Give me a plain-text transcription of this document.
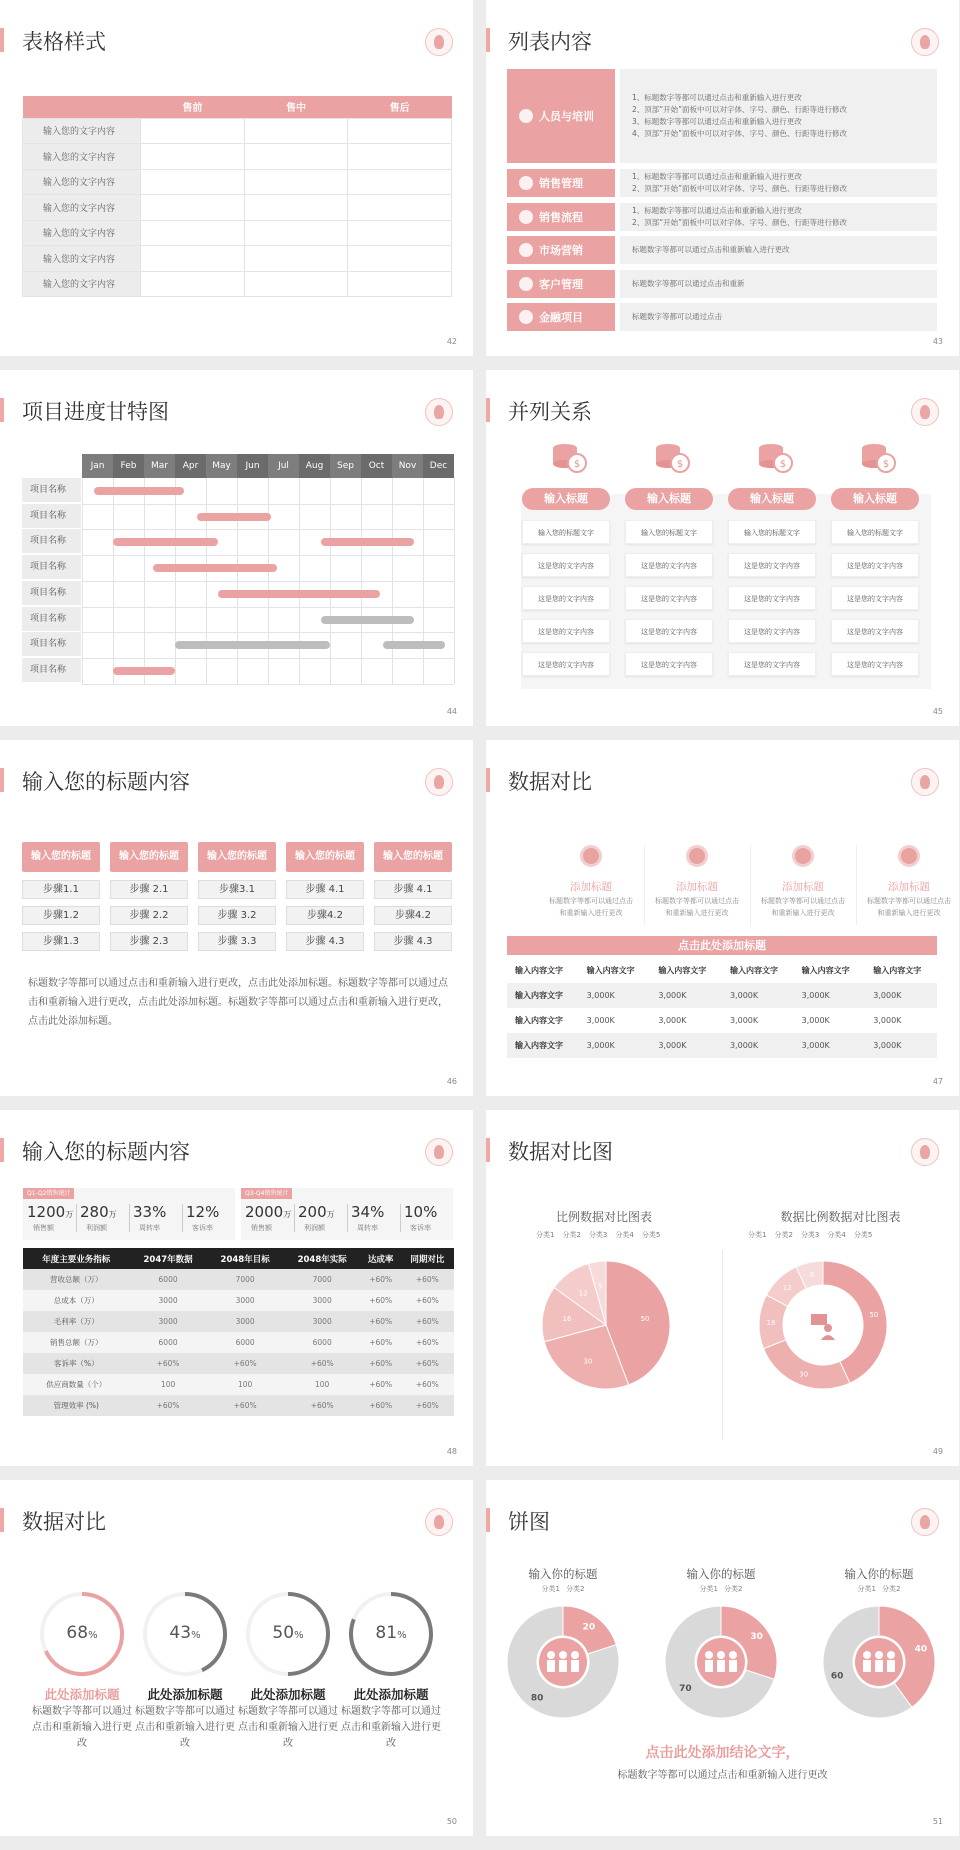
表格样式
	售前	售中	售后
输入您的文字内容			
输入您的文字内容			
输入您的文字内容			
输入您的文字内容			
输入您的文字内容			
输入您的文字内容			
输入您的文字内容			
42
列表内容
人员与培训
1、标题数字等都可以通过点击和重新输入进行更改
2、顶部“开始”面板中可以对字体、字号、颜色、行距等进行修改
3、标题数字等都可以通过点击和重新输入进行更改
4、顶部“开始”面板中可以对字体、字号、颜色、行距等进行修改
销售管理
1、标题数字等都可以通过点击和重新输入进行更改
2、顶部“开始”面板中可以对字体、字号、颜色、行距等进行修改
销售流程
1、标题数字等都可以通过点击和重新输入进行更改
2、顶部“开始”面板中可以对字体、字号、颜色、行距等进行修改
市场营销	标题数字等都可以通过点击和重新输入进行更改
客户管理	标题数字等都可以通过点击和重新
金融项目	标题数字等都可以通过点击
43
项目进度甘特图
Jan	Feb	Mar	Apr	May	Jun	Jul	Aug	Sep	Oct	Nov	Dec
项目名称
项目名称
项目名称
项目名称
项目名称
项目名称
项目名称
项目名称
44
并列关系
45
$
输入标题
输入您的标题文字
这是您的文字内容
这是您的文字内容
这是您的文字内容
这是您的文字内容
$
输入标题
输入您的标题文字
这是您的文字内容
这是您的文字内容
这是您的文字内容
这是您的文字内容
$
输入标题
输入您的标题文字
这是您的文字内容
这是您的文字内容
这是您的文字内容
这是您的文字内容
$
输入标题
输入您的标题文字
这是您的文字内容
这是您的文字内容
这是您的文字内容
这是您的文字内容
输入您的标题内容
标题数字等都可以通过点击和重新输入进行更改，点击此处添加标题。标题数字等都可以通过点击和重新输入进行更改，点击此处添加标题。标题数字等都可以通过点击和重新输入进行更改，点击此处添加标题。
46
输入您的标题
步骤1.1
步骤1.2
步骤1.3
输入您的标题
步骤 2.1
步骤 2.2
步骤 2.3
输入您的标题
步骤3.1
步骤 3.2
步骤 3.3
输入您的标题
步骤 4.1
步骤4.2
步骤 4.3
输入您的标题
步骤 4.1
步骤4.2
步骤 4.3
数据对比
点击此处添加标题
输入内容文字	输入内容文字	输入内容文字	输入内容文字	输入内容文字	输入内容文字
输入内容文字	3,000K	3,000K	3,000K	3,000K	3,000K
输入内容文字	3,000K	3,000K	3,000K	3,000K	3,000K
输入内容文字	3,000K	3,000K	3,000K	3,000K	3,000K
47
添加标题
标题数字等都可以通过点击和重新输入进行更改
添加标题
标题数字等都可以通过点击和重新输入进行更改
添加标题
标题数字等都可以通过点击和重新输入进行更改
添加标题
标题数字等都可以通过点击和重新输入进行更改
输入您的标题内容
年度主要业务指标	2047年数据	2048年目标	2048年实际	达成率	同期对比
营收总额（万）	6000	7000	7000	+60%	+60%
总成本（万）	3000	3000	3000	+60%	+60%
毛利率（万）	3000	3000	3000	+60%	+60%
销售总额（万）	6000	6000	6000	+60%	+60%
客诉率（%）	+60%	+60%	+60%	+60%	+60%
供应商数量（个）	100	100	100	+60%	+60%
管理效率 (%)	+60%	+60%	+60%	+60%	+60%
48
Q1-Q2销售统计
1200万
销售额
280万
利润额
33%
周转率
12%
客诉率
Q3-Q4销售统计
2000万
销售额
200万
利润额
34%
周转率
10%
客诉率
数据对比图
比例数据对比图表	数据比例数据对比图表
分类1 分类2 分类3 分类4 分类5	分类1 分类2 分类3 分类4 分类5
50
30
16
12
5
50
30
16
12
8
49
数据对比
50
68%
此处添加标题
标题数字等都可以通过点击和重新输入进行更改
43%
此处添加标题
标题数字等都可以通过点击和重新输入进行更改
50%
此处添加标题
标题数字等都可以通过点击和重新输入进行更改
81%
此处添加标题
标题数字等都可以通过点击和重新输入进行更改
饼图
点击此处添加结论文字，
标题数字等都可以通过点击和重新输入进行更改
51
输入你的标题
分类1 分类2
20
80
输入你的标题
分类1 分类2
30
70
输入你的标题
分类1 分类2
40
60
